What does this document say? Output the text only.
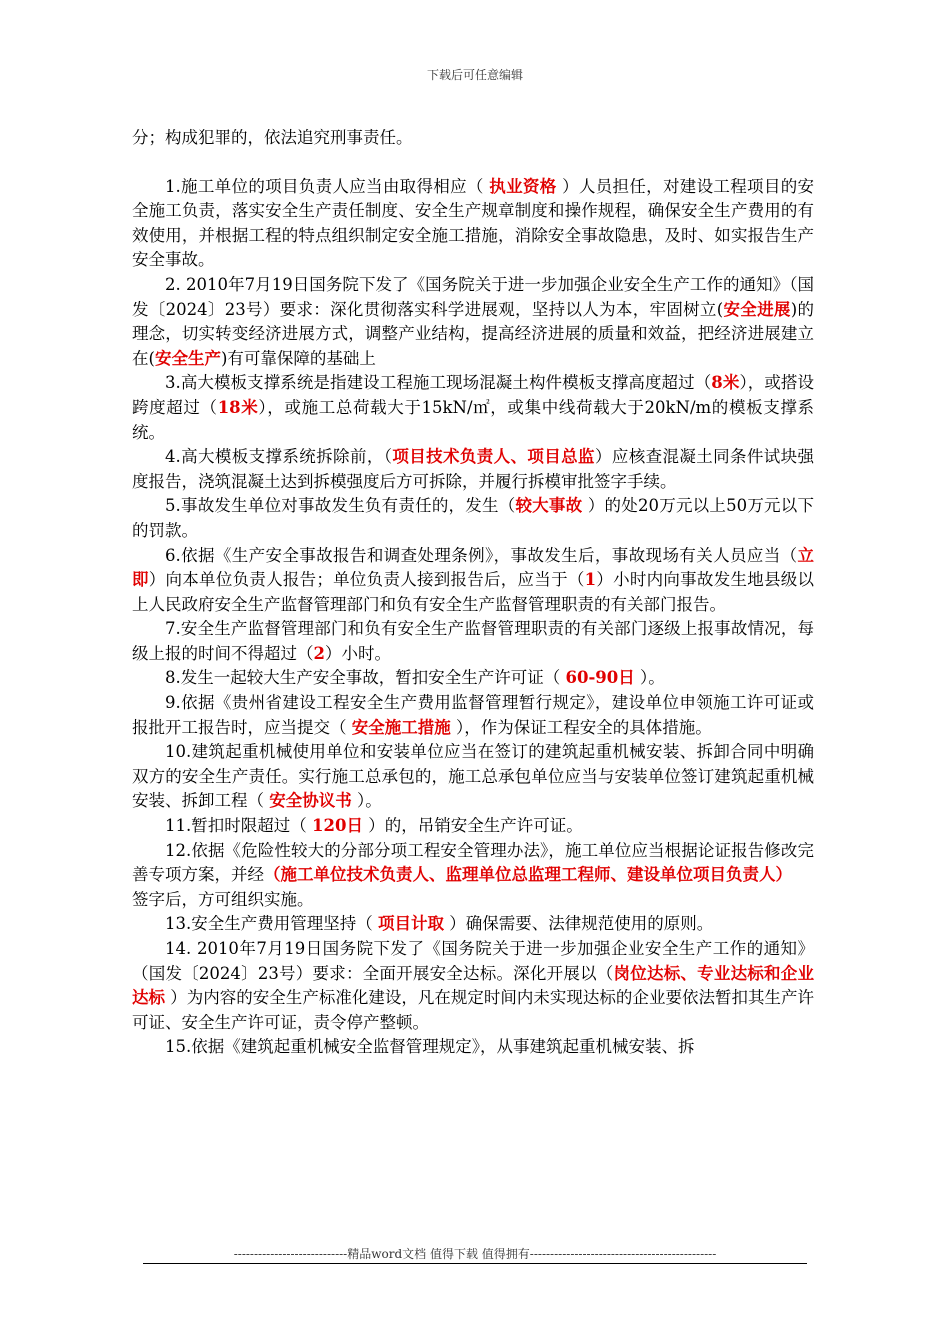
下载后可任意编辑

分；构成犯罪的，依法追究刑事责任。

1.施工单位的项目负责人应当由取得相应（ 执业资格 ）人员担任，对建设工程项目的安全施工负责，落实安全生产责任制度、安全生产规章制度和操作规程，确保安全生产费用的有效使用，并根据工程的特点组织制定安全施工措施，消除安全事故隐患，及时、如实报告生产安全事故。

2. 2010年7月19日国务院下发了《国务院关于进一步加强企业安全生产工作的通知》（国发〔2024〕23号）要求：深化贯彻落实科学进展观，坚持以人为本，牢固树立(安全进展)的理念，切实转变经济进展方式，调整产业结构，提高经济进展的质量和效益，把经济进展建立在(安全生产)有可靠保障的基础上

3.高大模板支撑系统是指建设工程施工现场混凝土构件模板支撑高度超过（8米），或搭设跨度超过（18米），或施工总荷载大于15kN/㎡，或集中线荷载大于20kN/m的模板支撑系统。

4.高大模板支撑系统拆除前，（项目技术负责人、项目总监）应核查混凝土同条件试块强度报告，浇筑混凝土达到拆模强度后方可拆除，并履行拆模审批签字手续。

5.事故发生单位对事故发生负有责任的，发生（较大事故 ）的处20万元以上50万元以下的罚款。

6.依据《生产安全事故报告和调查处理条例》，事故发生后，事故现场有关人员应当（立即）向本单位负责人报告；单位负责人接到报告后，应当于（1）小时内向事故发生地县级以上人民政府安全生产监督管理部门和负有安全生产监督管理职责的有关部门报告。

7.安全生产监督管理部门和负有安全生产监督管理职责的有关部门逐级上报事故情况，每级上报的时间不得超过（2）小时。

8.发生一起较大生产安全事故，暂扣安全生产许可证（ 60-90日 ）。

9.依据《贵州省建设工程安全生产费用监督管理暂行规定》，建设单位申领施工许可证或报批开工报告时，应当提交（ 安全施工措施 ），作为保证工程安全的具体措施。

10.建筑起重机械使用单位和安装单位应当在签订的建筑起重机械安装、拆卸合同中明确双方的安全生产责任。实行施工总承包的，施工总承包单位应当与安装单位签订建筑起重机械安装、拆卸工程（ 安全协议书 ）。

11.暂扣时限超过（ 120日 ）的，吊销安全生产许可证。

12.依据《危险性较大的分部分项工程安全管理办法》，施工单位应当根据论证报告修改完善专项方案，并经（施工单位技术负责人、监理单位总监理工程师、建设单位项目负责人）

签字后，方可组织实施。

13.安全生产费用管理坚持（ 项目计取 ）确保需要、法律规范使用的原则。

14. 2010年7月19日国务院下发了《国务院关于进一步加强企业安全生产工作的通知》（国发〔2024〕23号）要求：全面开展安全达标。深化开展以（岗位达标、专业达标和企业达标 ）为内容的安全生产标准化建设，凡在规定时间内未实现达标的企业要依法暂扣其生产许可证、安全生产许可证，责令停产整顿。

15.依据《建筑起重机械安全监督管理规定》，从事建筑起重机械安装、拆

----------------------------精品word文档 值得下载 值得拥有----------------------------------------------
